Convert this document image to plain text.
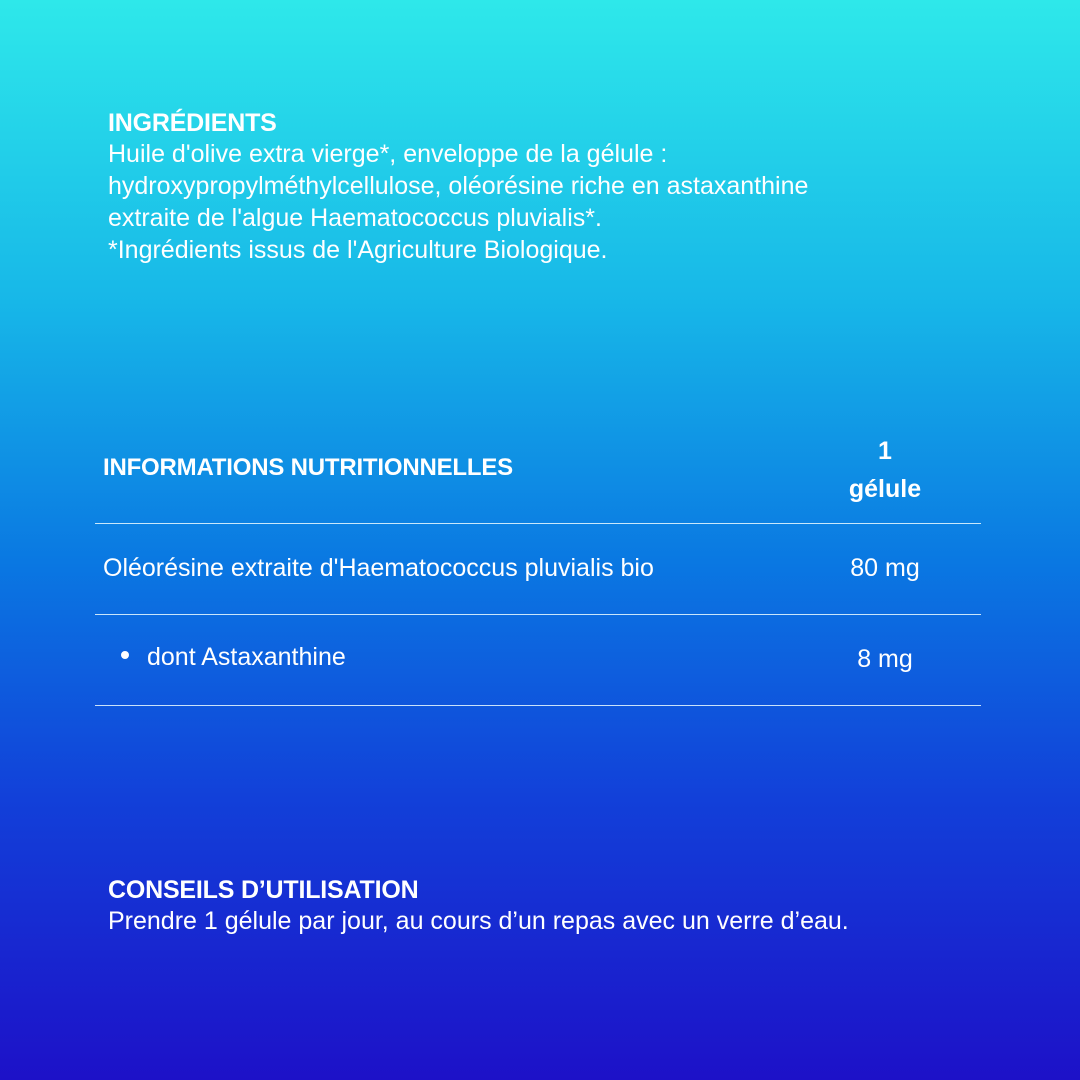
INGRÉDIENTS

Huile d'olive extra vierge*, enveloppe de la gélule :

hydroxypropylméthylcellulose, oléorésine riche en astaxanthine

extraite de l'algue Haematococcus pluvialis*.

*Ingrédients issus de l'Agriculture Biologique.

INFORMATIONS NUTRITIONNELLES
1
gélule
Oléorésine extraite d'Haematococcus pluvialis bio	80 mg
dont Astaxanthine	8 mg
CONSEILS D’UTILISATION

Prendre 1 gélule par jour, au cours d’un repas avec un verre d’eau.
